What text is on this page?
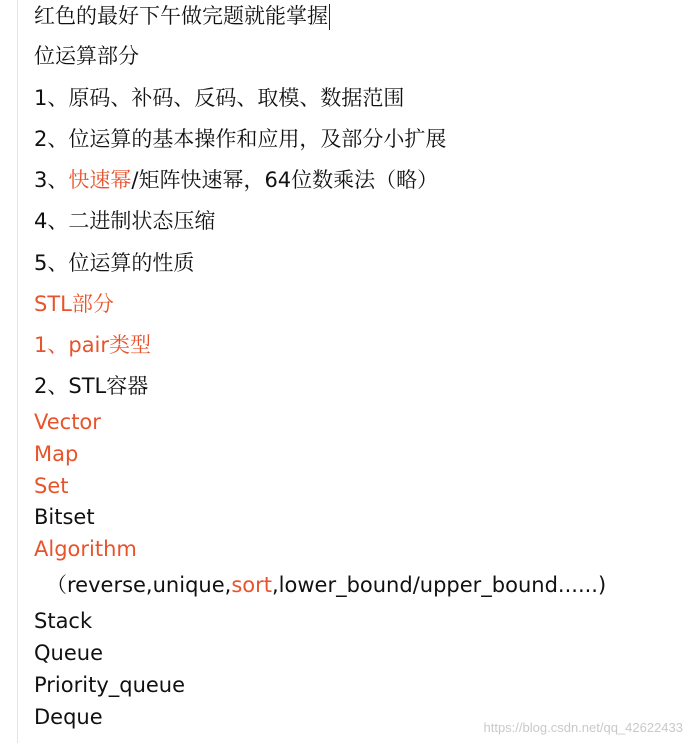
红色的最好下午做完题就能掌握
位运算部分
1、原码、补码、反码、取模、数据范围
2、位运算的基本操作和应用，及部分小扩展
3、快速幂/矩阵快速幂，64位数乘法（略）
4、二进制状态压缩
5、位运算的性质
STL部分
1、pair类型
2、STL容器
Vector
Map
Set
Bitset
Algorithm
（reverse,unique,sort,lower_bound/upper_bound......)
Stack
Queue
Priority_queue
Deque	https://blog.csdn.net/qq_42622433
